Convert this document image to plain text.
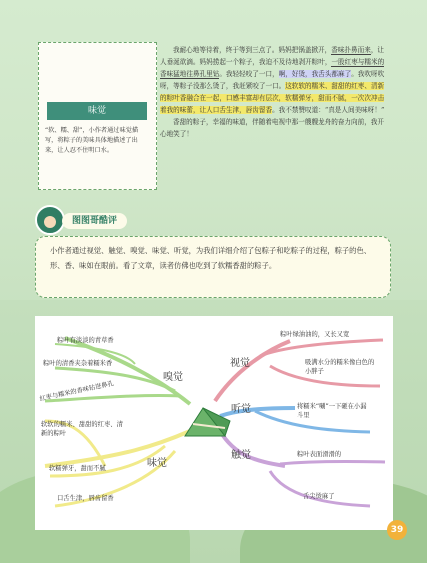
味觉
“软、糯、甜”，小作者通过味觉描写，将粽子的美味具体地描述了出来，让人忍不住明口水。

我耐心地等待着，终于等到三点了。妈妈把锅盖掀开，香味扑鼻而来，让人垂涎欲滴。妈妈捞起一个粽子，我迫不及待地剥开粽叶，一股红枣与糯米的香味猛地往鼻孔里钻。我轻轻咬了一口，啊，好烫，我舌头都麻了。我吹呀吹呀，等粽子没那么烫了，我赶紧咬了一口。这软软的糯米、甜甜的红枣、清新的粽叶香融合在一起，口感丰富却有层次，软糯弹牙，甜而不腻，一次次冲击着我的味蕾，让人口舌生津，唇齿留香。我不禁赞叹道：“真是人间美味呀！”

香甜的粽子，幸福的味道，伴随着电视中那一艘艘龙舟的奋力向前，我开心地笑了！

图图哥酷评
小作者通过视觉、触觉、嗅觉、味觉、听觉，为我们详细介绍了包粽子和吃粽子的过程，粽子的色、形、香、味如在眼前。看了文章，读者仿佛也吃到了软糯香甜的粽子。
嗅觉
味觉
视觉
听觉
触觉
粽叶有淡淡的青草香
粽叶的清香夹杂着糯米香
红枣与糯米的香味钻进鼻孔
软软的糯米、甜甜的红枣、清新的粽叶
软糯弹牙，甜而不腻
口舌生津，唇齿留香
粽叶绿油油的，又长又宽
吸满水分的糯米像白色的小胖子
将糯米“唰”一下砸在小漏斗里
粽叶表面滑滑的
舌尖烫麻了
39
